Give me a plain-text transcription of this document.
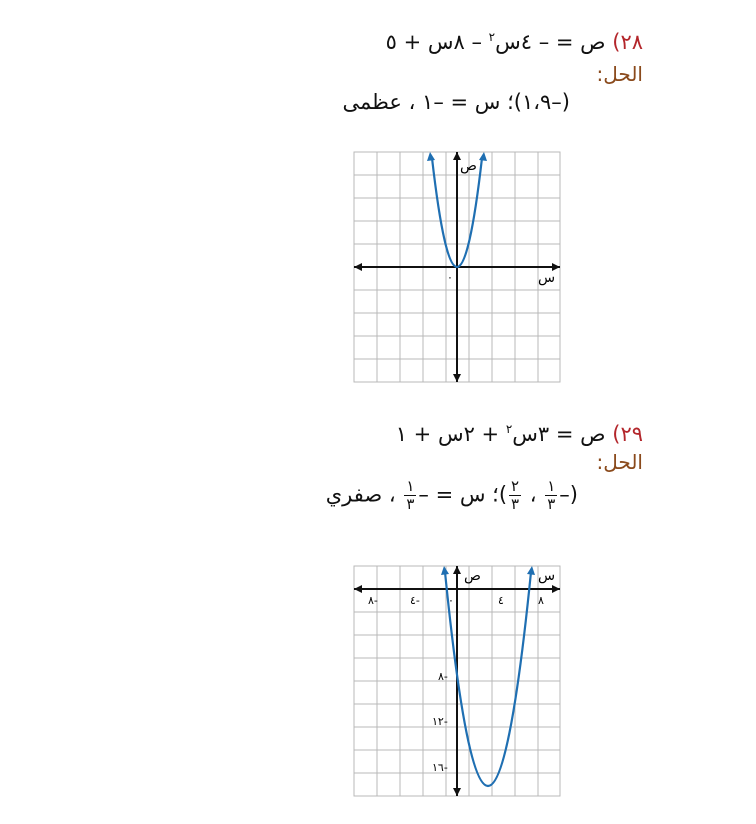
٢٨) ص = – ٤س$^٢$ – ٨س + ٥
الحل:
(–١،٩)؛ س = –١ ، عظمى
ص
س
٠
٢٩) ص = ٣س$^٢$ + ٢س + ١
الحل:
(–
$\frac{١}{٣}$
،
$\frac{٢}{٣}$
)؛ س = –
$\frac{١}{٣}$
، صفري
ص	س
٨-	٤-	٠	٤	٨
٨-
١٢-
١٦-
